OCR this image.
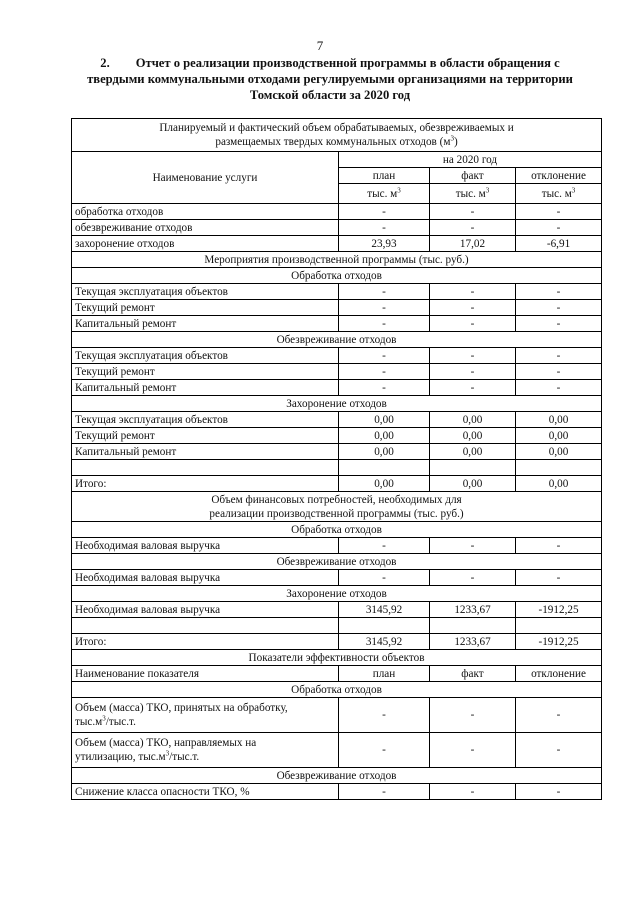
7
2. Отчет о реализации производственной программы в области обращения с
твердыми коммунальными отходами регулируемыми организациями на территории
Томской области за 2020 год
Планируемый и фактический объем обрабатываемых, обезвреживаемых и
размещаемых твердых коммунальных отходов $(м^3)$			

Наименование услуги	на 2020 год		
	план	факт	отклонение
	тыс. $м^3$	тыс. $м^3$	тыс. $м^3$
обработка отходов	-	-	-
обезвреживание отходов	-	-	-
захоронение отходов	23,93	17,02	-6,91
Мероприятия производственной программы (тыс. руб.)			
Обработка отходов			
Текущая эксплуатация объектов	-	-	-
Текущий ремонт	-	-	-
Капитальный ремонт	-	-	-
Обезвреживание отходов			
Текущая эксплуатация объектов	-	-	-
Текущий ремонт	-	-	-
Капитальный ремонт	-	-	-
Захоронение отходов			
Текущая эксплуатация объектов	0,00	0,00	0,00
Текущий ремонт	0,00	0,00	0,00
Капитальный ремонт	0,00	0,00	0,00

Итого:	0,00	0,00	0,00

Объем финансовых потребностей, необходимых для
реализации производственной программы (тыс. руб.)			

Обработка отходов			
Необходимая валовая выручка	-	-	-
Обезвреживание отходов			
Необходимая валовая выручка	-	-	-
Захоронение отходов			
Необходимая валовая выручка	3145,92	1233,67	-1912,25

Итого:	3145,92	1233,67	-1912,25
Показатели эффективности объектов			
Наименование показателя	план	факт	отклонение
Обработка отходов			

Объем (масса) ТКО, принятых на обработку,
$тыс.м^3/тыс.т$.	-	-	-

Объем (масса) ТКО, направляемых на
утилизацию, $тыс.м^3/тыс.т$.	-	-	-
Обезвреживание отходов			
Снижение класса опасности ТКО, %	-	-	-
